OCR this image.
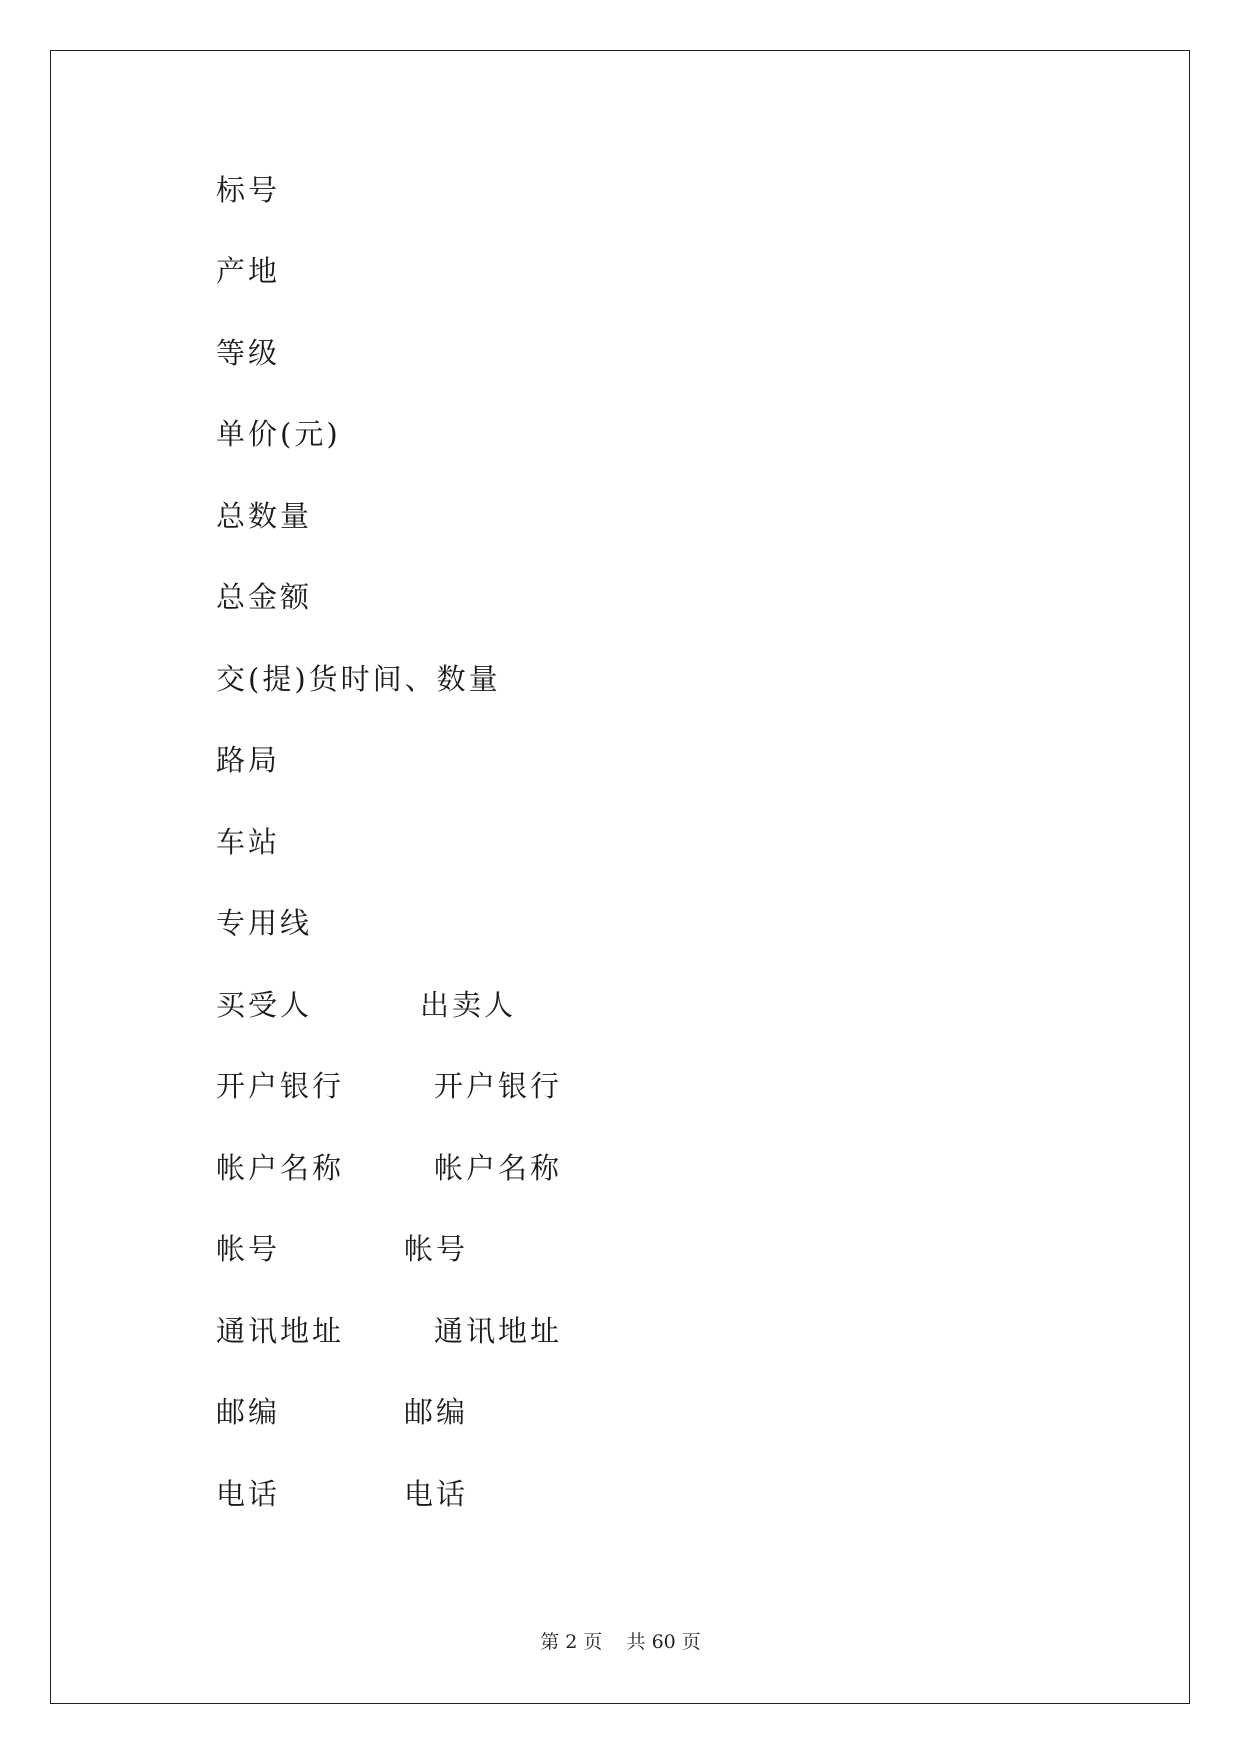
标号
产地
等级
单价(元)
总数量
总金额
交(提)货时间、数量
路局
车站
专用线
买受人	出卖人
开户银行	开户银行
帐户名称	帐户名称
帐号	帐号
通讯地址	通讯地址
邮编	邮编
电话	电话
第 2 页    共 60 页
